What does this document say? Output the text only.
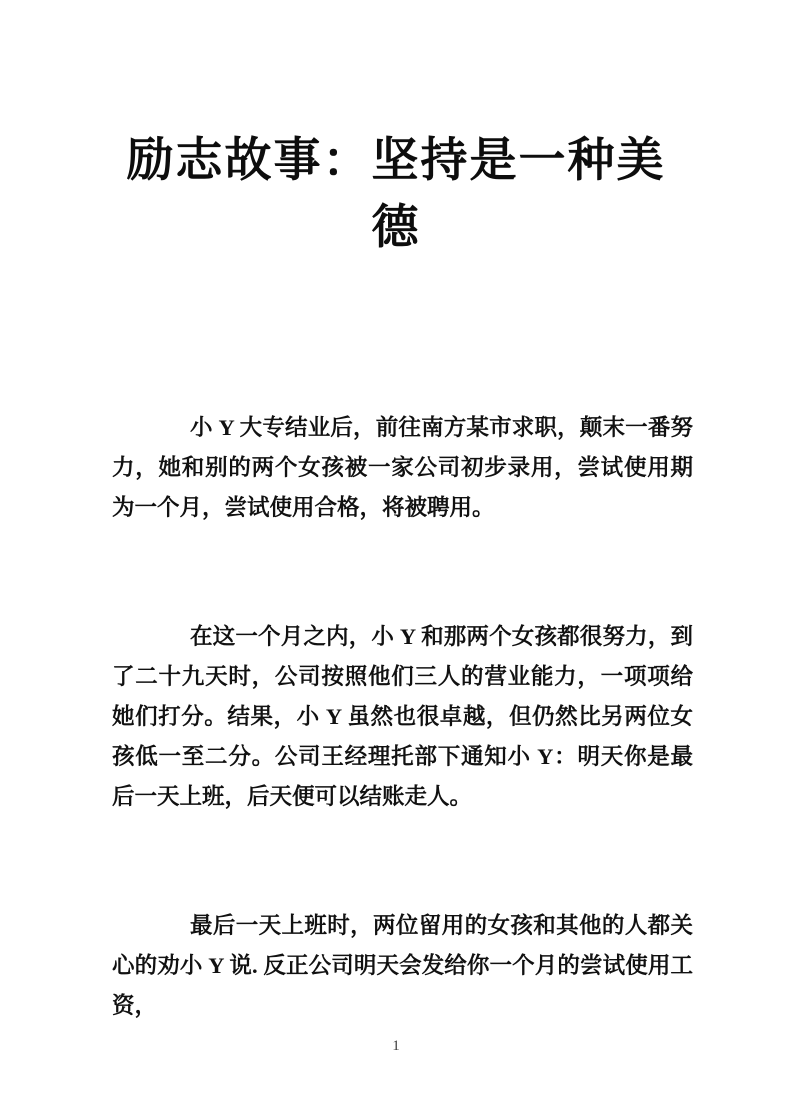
励志故事：坚持是一种美
德

小 Y 大专结业后，前往南方某市求职，颠末一番努力，她和别的两个女孩被一家公司初步录用，尝试使用期为一个月，尝试使用合格，将被聘用。

在这一个月之内，小 Y 和那两个女孩都很努力，到了二十九天时，公司按照他们三人的营业能力，一项项给她们打分。结果，小 Y 虽然也很卓越，但仍然比另两位女孩低一至二分。公司王经理托部下通知小 Y：明天你是最后一天上班，后天便可以结账走人。

最后一天上班时，两位留用的女孩和其他的人都关心的劝小 Y 说. 反正公司明天会发给你一个月的尝试使用工资，

1
